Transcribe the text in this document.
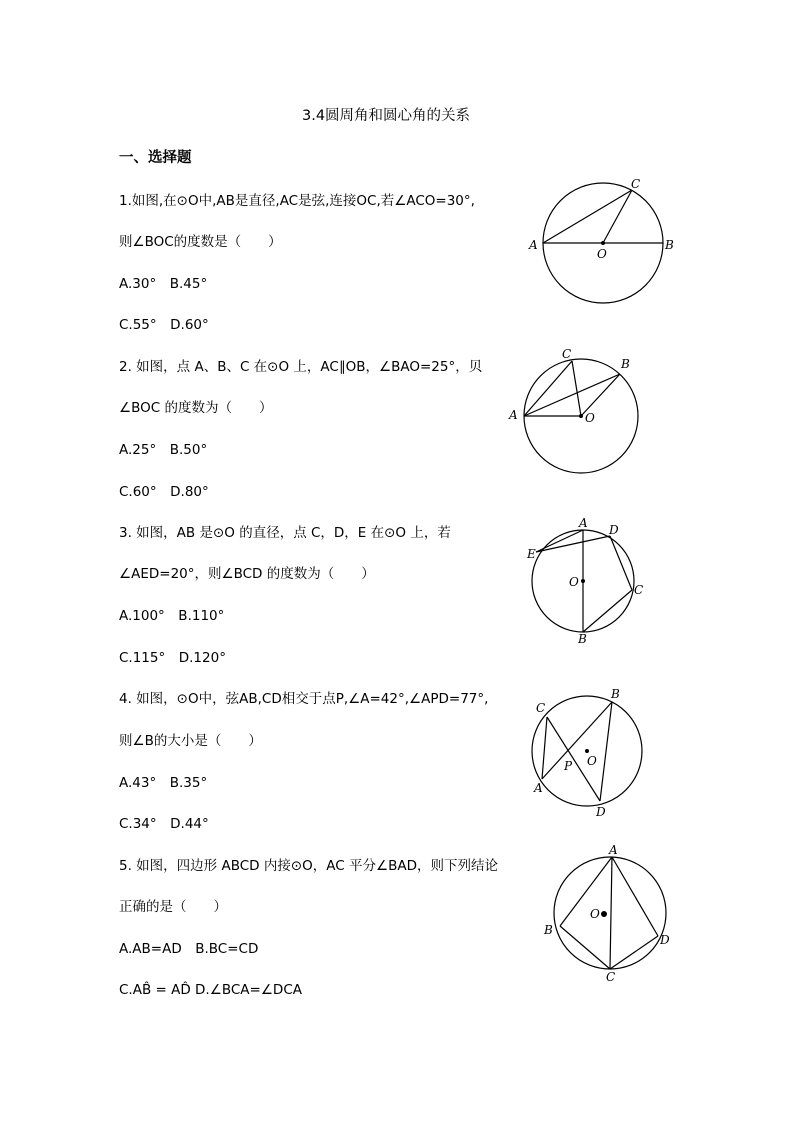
3.4圆周角和圆心角的关系
一、选择题
1.如图,在⊙O中,AB是直径,AC是弦,连接OC,若∠ACO=30°,
则∠BOC的度数是（　　）
A.30°　B.45°
C.55°　D.60°
A	B
C
O
2. 如图，点 A、B、C 在⊙O 上，AC∥OB，∠BAO=25°，贝
∠BOC 的度数为（　　）
A.25°　B.50°
C.60°　D.80°
A
B
C
O
3. 如图，AB 是⊙O 的直径，点 C，D，E 在⊙O 上，若
∠AED=20°，则∠BCD 的度数为（　　）
A.100°　B.110°
C.115°　D.120°
A
B
C
D
E
O
4. 如图，⊙O中，弦AB,CD相交于点P,∠A=42°,∠APD=77°,
则∠B的大小是（　　）
A.43°　B.35°
C.34°　D.44°
A
B
C
D
O
P
5. 如图，四边形 ABCD 内接⊙O，AC 平分∠BAD，则下列结论
正确的是（　　）
A.AB=AD　B.BC=CD
C.AB̂ = AD̂ D.∠BCA=∠DCA
A
B
C
D
O
